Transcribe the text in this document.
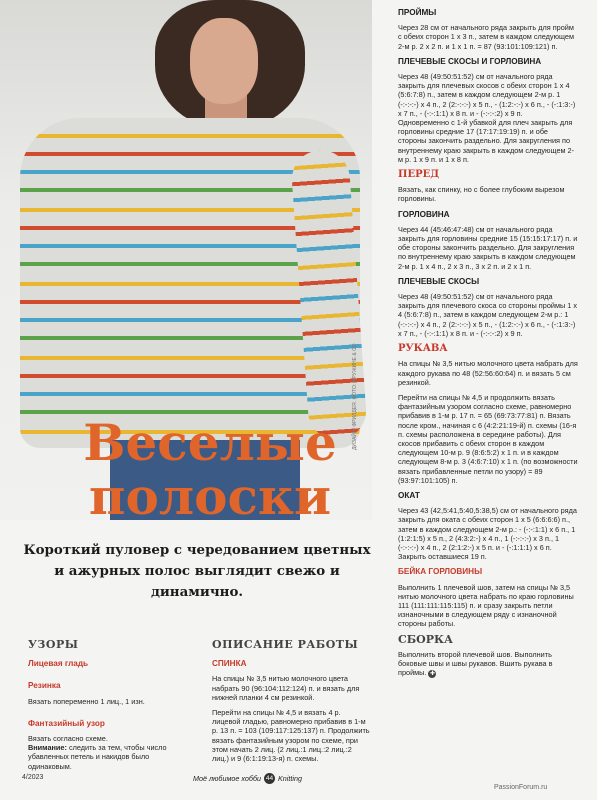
ДИЗАЙН: ФРИЛДЕЯ. ФОТО: ФРУЖИНЕ & СО
Веселые
полоски
Короткий пуловер с чередованием цветных и ажурных полос выглядит свежо и динамично.
УЗОРЫ

Лицевая гладь

Резинка

Вязать попеременно 1 лиц., 1 изн.

Фантазийный узор

Вязать согласно схеме.

Внимание: следить за тем, чтобы число убавленных петель и накидов было одинаковым.

ОПИСАНИЕ РАБОТЫ

СПИНКА

На спицы № 3,5 нитью молочного цвета набрать 90 (96:104:112:124) п. и вязать для нижней планки 4 см резинкой.

Перейти на спицы № 4,5 и вязать 4 р. лицевой гладью, равномерно прибавив в 1-м р. 13 п. = 103 (109:117:125:137) п. Продолжить вязать фантазийным узором по схеме, при этом начать 2 лиц. (2 лиц.:1 лиц.:2 лиц.:2 лиц.) и 9 (6:1:19:13-я) п. схемы.

ПРОЙМЫ

Через 28 см от начального ряда закрыть для пройм с обеих сторон 1 x 3 п., затем в каждом следующем 2-м р. 2 x 2 п. и 1 x 1 п. = 87 (93:101:109:121) п.

ПЛЕЧЕВЫЕ СКОСЫ И ГОРЛОВИНА

Через 48 (49:50:51:52) см от начального ряда закрыть для плечевых скосов с обеих сторон 1 x 4 (5:6:7:8) п., затем в каждом следующем 2-м р. 1 (-:-:-:-) x 4 п., 2 (2:-:-:-) x 5 п., - (1:2:-:-) x 6 п., - (-:1:3:-) x 7 п., - (-:-:1:1) x 8 п. и - (-:-:-:2) x 9 п.

Одновременно с 1-й убавкой для плеч закрыть для горловины средние 17 (17:17:19:19) п. и обе стороны закончить раздельно. Для закругления по внутреннему краю закрыть в каждом следующем 2-м р. 1 x 9 п. и 1 x 8 п.

ПЕРЕД

Вязать, как спинку, но с более глубоким вырезом горловины.

ГОРЛОВИНА

Через 44 (45:46:47:48) см от начального ряда закрыть для горловины средние 15 (15:15:17:17) п. и обе стороны закончить раздельно. Для закругления по внутреннему краю закрыть в каждом следующем 2-м р. 1 x 4 п., 2 x 3 п., 3 x 2 п. и 2 x 1 п.

ПЛЕЧЕВЫЕ СКОСЫ

Через 48 (49:50:51:52) см от начального ряда закрыть для плечевого скоса со стороны проймы 1 x 4 (5:6:7:8) п., затем в каждом следующем 2-м р.: 1 (-:-:-:-) x 4 п., 2 (2:-:-:-) x 5 п., - (1:2:-:-) x 6 п., - (-:1:3:-) x 7 п., - (-:-:1:1) x 8 п. и - (-:-:-:2) x 9 п.

РУКАВА

На спицы № 3,5 нитью молочного цвета набрать для каждого рукава по 48 (52:56:60:64) п. и вязать 5 см резинкой.

Перейти на спицы № 4,5 и продолжить вязать фантазийным узором согласно схеме, равномерно прибавив в 1-м р. 17 п. = 65 (69:73:77:81) п. Вязать после кром., начиная с 6 (4:2:21:19-й) п. схемы (16-я п. схемы расположена в середине работы). Для скосов прибавить с обеих сторон в каждом следующем 10-м р. 9 (8:6:5:2) x 1 п. и в каждом следующем 8-м р. 3 (4:6:7:10) x 1 п. (по возможности вязать прибавленные петли по узору) = 89 (93:97:101:105) п.

ОКАТ

Через 43 (42,5:41,5:40,5:38,5) см от начального ряда закрыть для оката с обеих сторон 1 x 5 (6:6:6:6) п., затем в каждом следующем 2-м р.: - (-:-:1:1) x 6 п., 1 (1:2:1:5) x 5 п., 2 (4:3:2:-) x 4 п., 1 (-:-:-:-) x 3 п., 1 (-:-:-:-) x 4 п., 2 (2:1:2:-) x 5 п. и - (-:1:1:1) x 6 п. Закрыть оставшиеся 19 п.

БЕЙКА ГОРЛОВИНЫ

Выполнить 1 плечевой шов, затем на спицы № 3,5 нитью молочного цвета набрать по краю горловины 111 (111:111:115:115) п. и сразу закрыть петли изнаночными в следующем ряду с изнаночной стороны работы.

СБОРКА

Выполнить второй плечевой шов. Выполнить боковые швы и швы рукавов. Вшить рукава в проймы. ✚

4/2023	Моё любимое хобби 44 Knitting
PassionForum.ru
